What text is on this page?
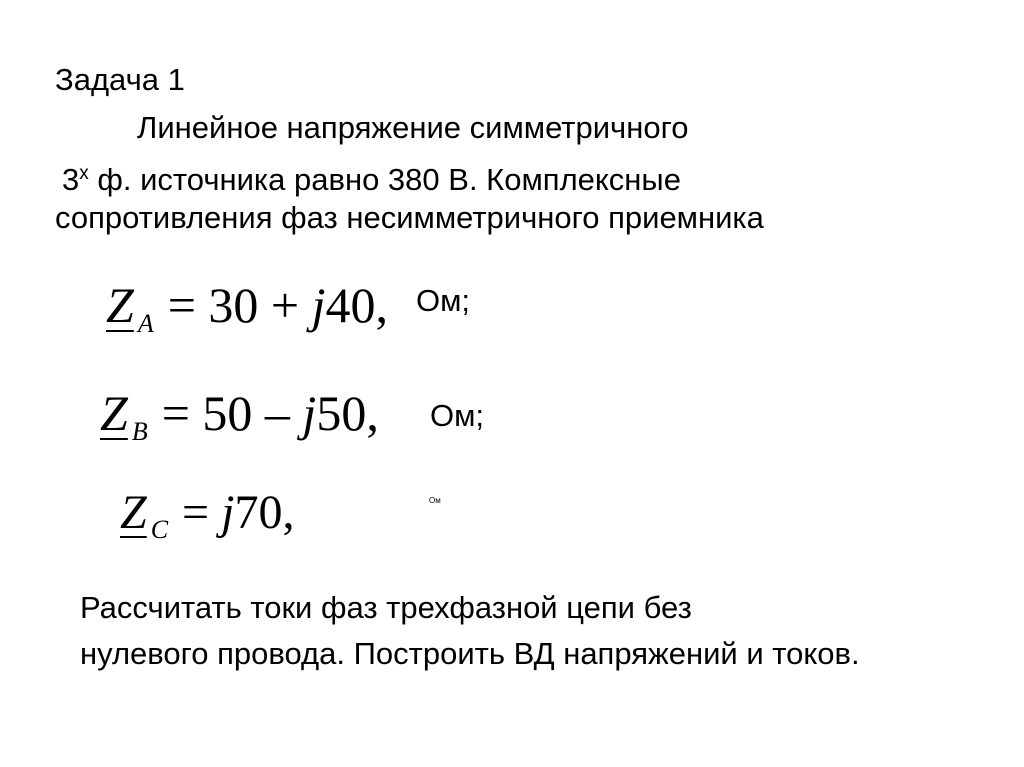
Задача 1
Линейное напряжение симметричного
$3^х$ ф. источника равно 380 В. Комплексные
сопротивления фаз несимметричного приемника
Z $_A$ = 30 + j40, Ом;
Z $_B$ = 50 – j50, Ом;
Z $_C$ = j70,	Ом
Рассчитать токи фаз трехфазной цепи без
нулевого провода. Построить ВД напряжений и токов.
